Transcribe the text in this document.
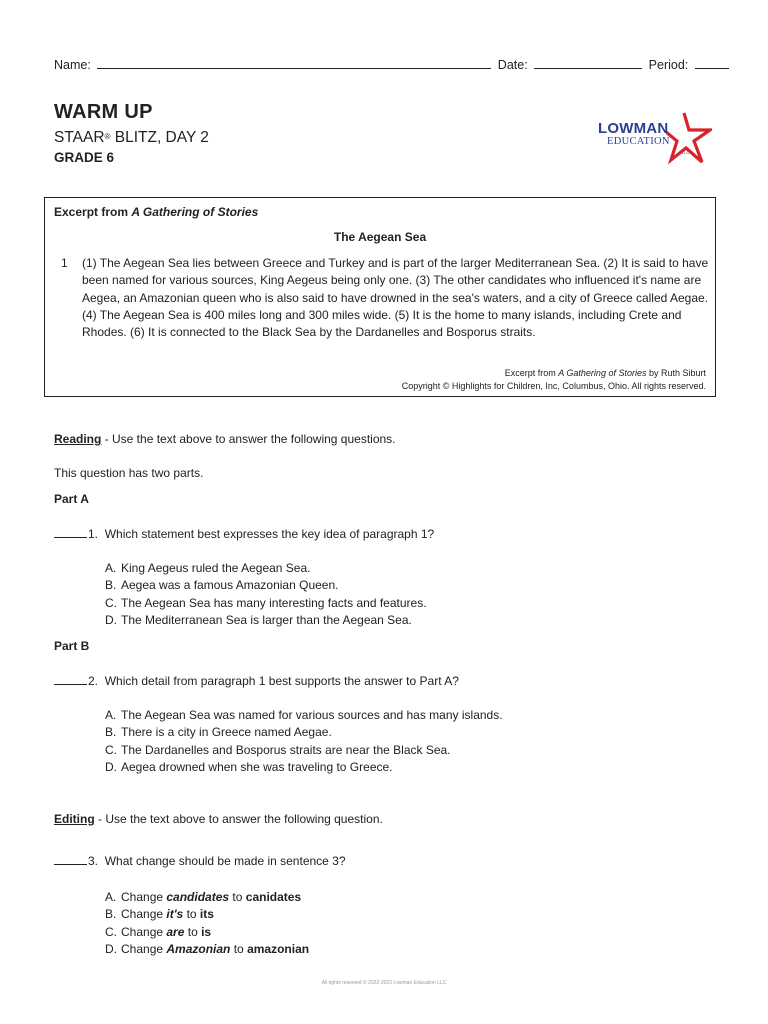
Name:	Date:	Period:
WARM UP
STAAR® BLITZ, DAY 2
GRADE 6
LOWMAN
EDUCATION
LLC
Excerpt from A Gathering of Stories
The Aegean Sea
1 (1) The Aegean Sea lies between Greece and Turkey and is part of the larger Mediterranean Sea. (2) It is said to have been named for various sources, King Aegeus being only one. (3) The other candidates who influenced it's name are Aegea, an Amazonian queen who is also said to have drowned in the sea's waters, and a city of Greece called Aegae. (4) The Aegean Sea is 400 miles long and 300 miles wide. (5) It is the home to many islands, including Crete and Rhodes. (6) It is connected to the Black Sea by the Dardanelles and Bosporus straits.
Excerpt from A Gathering of Stories by Ruth Siburt
Copyright © Highlights for Children, Inc, Columbus, Ohio. All rights reserved.
Reading - Use the text above to answer the following questions.
This question has two parts.
Part A
1. Which statement best expresses the key idea of paragraph 1?
A. King Aegeus ruled the Aegean Sea.
B. Aegea was a famous Amazonian Queen.
C. The Aegean Sea has many interesting facts and features.
D. The Mediterranean Sea is larger than the Aegean Sea.
Part B
2. Which detail from paragraph 1 best supports the answer to Part A?
A. The Aegean Sea was named for various sources and has many islands.
B. There is a city in Greece named Aegae.
C. The Dardanelles and Bosporus straits are near the Black Sea.
D. Aegea drowned when she was traveling to Greece.
Editing - Use the text above to answer the following question.
3. What change should be made in sentence 3?
A. Change candidates to canidates
B. Change it's to its
C. Change are to is
D. Change Amazonian to amazonian
All rights reserved © 2022-2023 Lowman Education LLC
